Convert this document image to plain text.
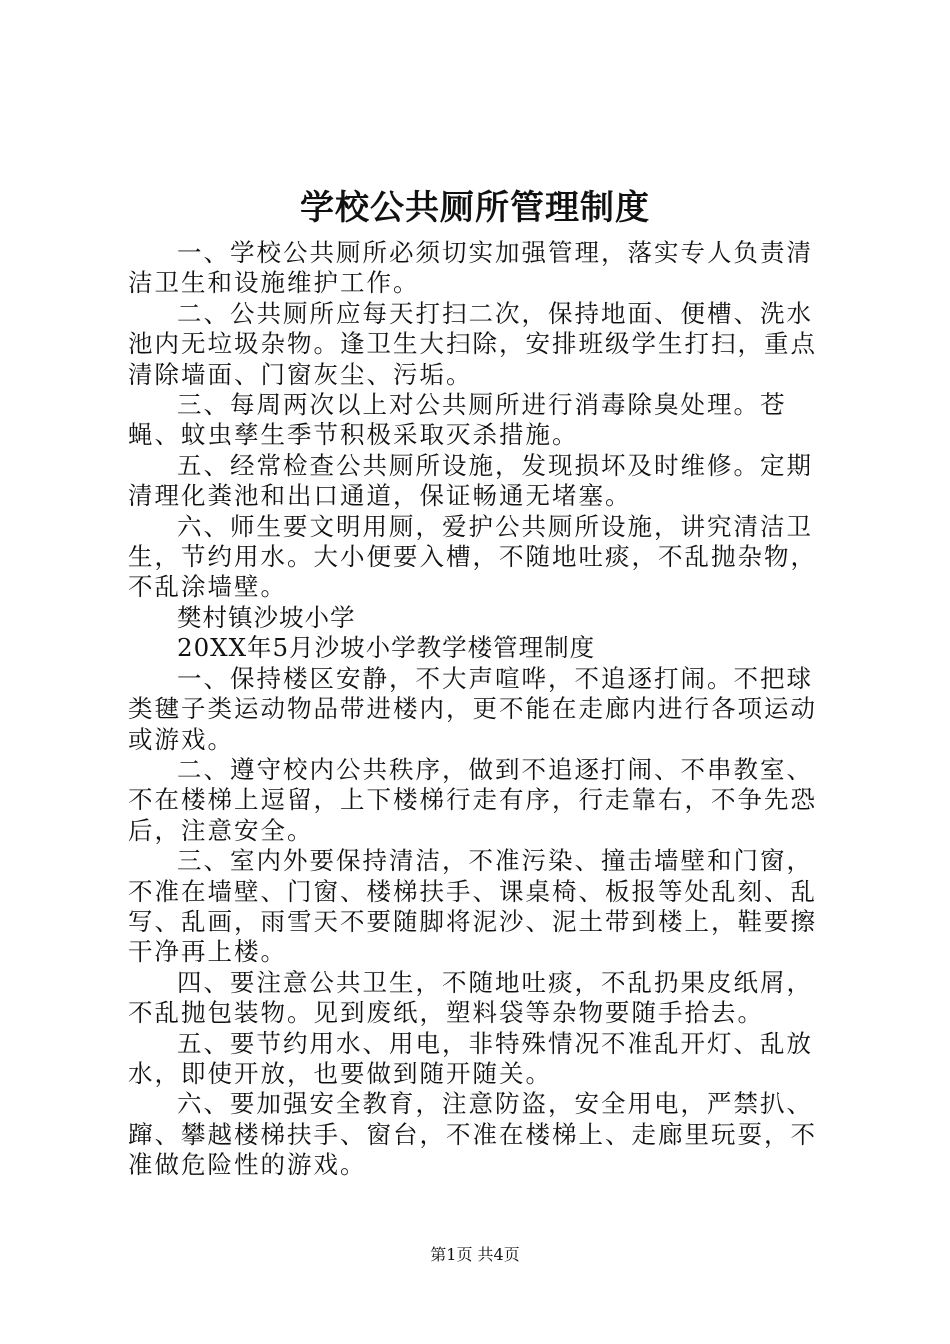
学校公共厕所管理制度

一、学校公共厕所必须切实加强管理，落实专人负责清洁卫生和设施维护工作。

二、公共厕所应每天打扫二次，保持地面、便槽、洗水池内无垃圾杂物。逢卫生大扫除，安排班级学生打扫，重点清除墙面、门窗灰尘、污垢。

三、每周两次以上对公共厕所进行消毒除臭处理。苍蝇、蚊虫孳生季节积极采取灭杀措施。

五、经常检查公共厕所设施，发现损坏及时维修。定期清理化粪池和出口通道，保证畅通无堵塞。

六、师生要文明用厕，爱护公共厕所设施，讲究清洁卫生，节约用水。大小便要入槽，不随地吐痰，不乱抛杂物，不乱涂墙壁。

樊村镇沙坡小学

20XX年5月沙坡小学教学楼管理制度

一、保持楼区安静，不大声喧哗，不追逐打闹。不把球类毽子类运动物品带进楼内，更不能在走廊内进行各项运动或游戏。

二、遵守校内公共秩序，做到不追逐打闹、不串教室、不在楼梯上逗留，上下楼梯行走有序，行走靠右，不争先恐后，注意安全。

三、室内外要保持清洁，不准污染、撞击墙壁和门窗，不准在墙壁、门窗、楼梯扶手、课桌椅、板报等处乱刻、乱写、乱画，雨雪天不要随脚将泥沙、泥土带到楼上，鞋要擦干净再上楼。

四、要注意公共卫生，不随地吐痰，不乱扔果皮纸屑，不乱抛包装物。见到废纸，塑料袋等杂物要随手拾去。

五、要节约用水、用电，非特殊情况不准乱开灯、乱放水，即使开放，也要做到随开随关。

六、要加强安全教育，注意防盗，安全用电，严禁扒、蹿、攀越楼梯扶手、窗台，不准在楼梯上、走廊里玩耍，不准做危险性的游戏。

第1页 共4页
